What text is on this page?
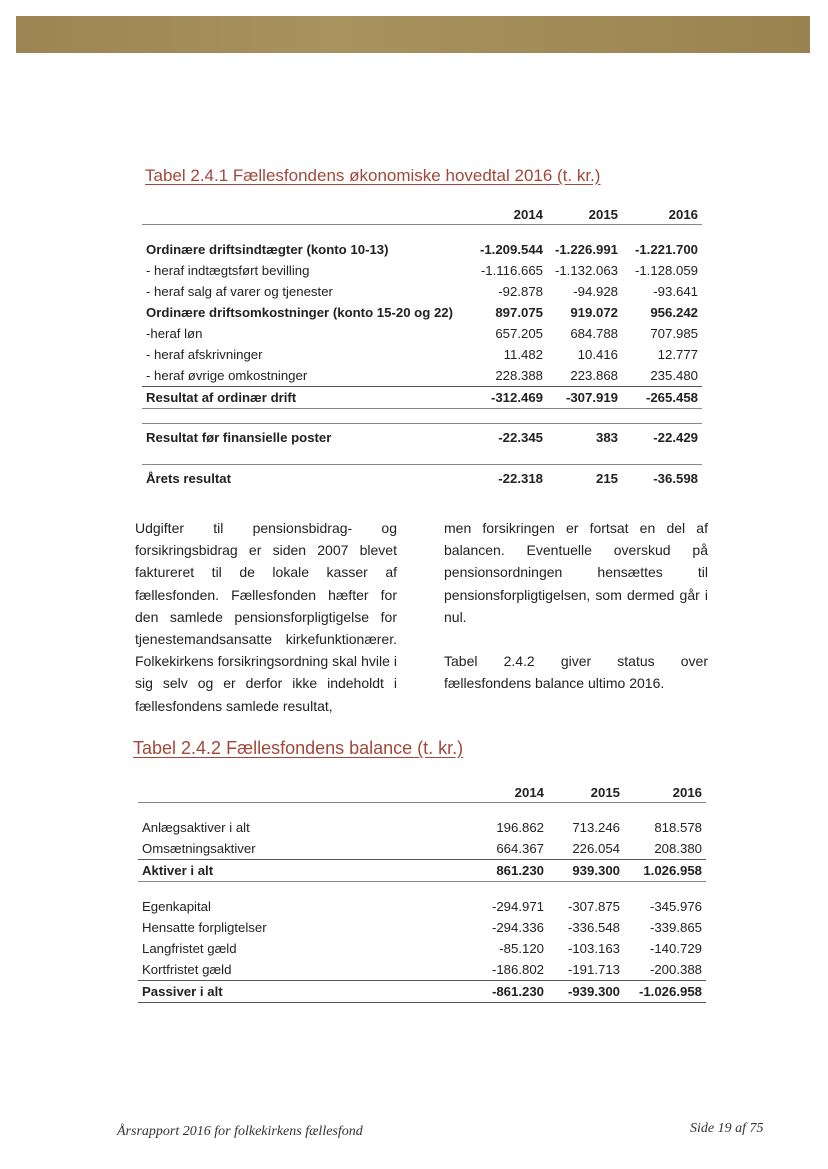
Tabel 2.4.1 Fællesfondens økonomiske hovedtal 2016 (t. kr.)
	2014	2015	2016

Ordinære driftsindtægter (konto 10-13)	-1.209.544	-1.226.991	-1.221.700
- heraf indtægtsført bevilling	-1.116.665	-1.132.063	-1.128.059
- heraf salg af varer og tjenester	-92.878	-94.928	-93.641
Ordinære driftsomkostninger (konto 15-20 og 22)	897.075	919.072	956.242
-heraf løn	657.205	684.788	707.985
- heraf afskrivninger	11.482	10.416	12.777
- heraf øvrige omkostninger	228.388	223.868	235.480
Resultat af ordinær drift	-312.469	-307.919	-265.458

Resultat før finansielle poster	-22.345	383	-22.429

Årets resultat	-22.318	215	-36.598

Udgifter til pensionsbidrag- og forsikringsbidrag er siden 2007 blevet faktureret til de lokale kasser af fællesfonden. Fællesfonden hæfter for den samlede pensionsforpligtigelse for tjenestemandsansatte kirkefunktionærer. Folkekirkens forsikringsordning skal hvile i sig selv og er derfor ikke indeholdt i fællesfondens samlede resultat,

men forsikringen er fortsat en del af balancen. Eventuelle overskud på pensionsordningen hensættes til pensionsforpligtigelsen, som dermed går i nul.

Tabel 2.4.2 giver status over fællesfondens balance ultimo 2016.

Tabel 2.4.2 Fællesfondens balance (t. kr.)
	2014	2015	2016

Anlægsaktiver i alt	196.862	713.246	818.578
Omsætningsaktiver	664.367	226.054	208.380
Aktiver i alt	861.230	939.300	1.026.958

Egenkapital	-294.971	-307.875	-345.976
Hensatte forpligtelser	-294.336	-336.548	-339.865
Langfristet gæld	-85.120	-103.163	-140.729
Kortfristet gæld	-186.802	-191.713	-200.388
Passiver i alt	-861.230	-939.300	-1.026.958
Årsrapport 2016 for folkekirkens fællesfond	Side 19 af 75
